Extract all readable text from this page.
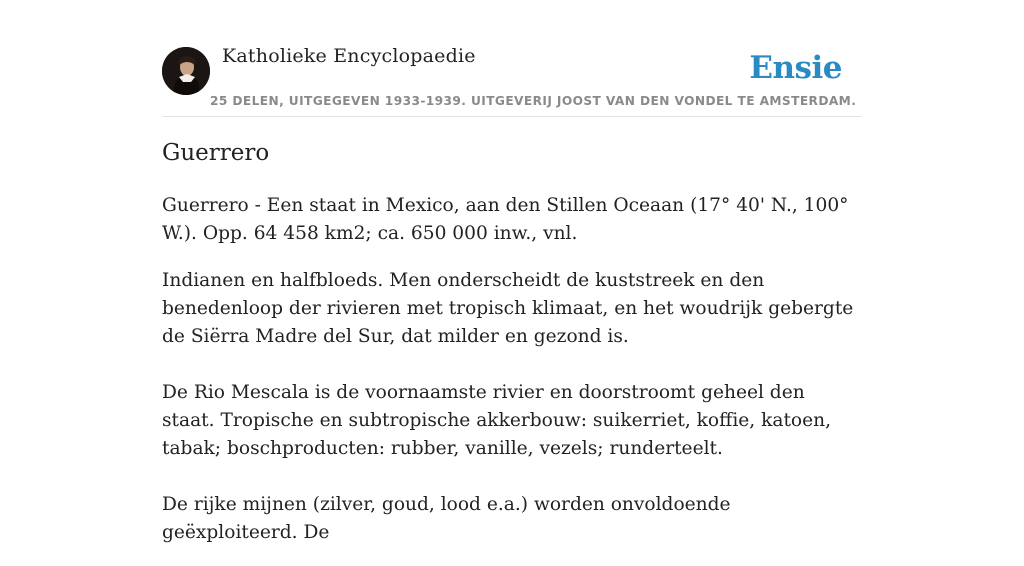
Katholieke Encyclopaedie	Ensie
25 DELEN, UITGEGEVEN 1933-1939. UITGEVERIJ JOOST VAN DEN VONDEL TE AMSTERDAM.
Guerrero

Guerrero - Een staat in Mexico, aan den Stillen Oceaan (17° 40' N., 100° W.). Opp. 64 458 km2; ca. 650 000 inw., vnl.

Indianen en halfbloeds. Men onderscheidt de kuststreek en den benedenloop der rivieren met tropisch klimaat, en het woudrijk gebergte de Siërra Madre del Sur, dat milder en gezond is.

De Rio Mescala is de voornaamste rivier en doorstroomt geheel den staat. Tropische en subtropische akkerbouw: suikerriet, koffie, katoen, tabak; boschproducten: rubber, vanille, vezels; runderteelt.

De rijke mijnen (zilver, goud, lood e.a.) worden onvoldoende geëxploiteerd. De
